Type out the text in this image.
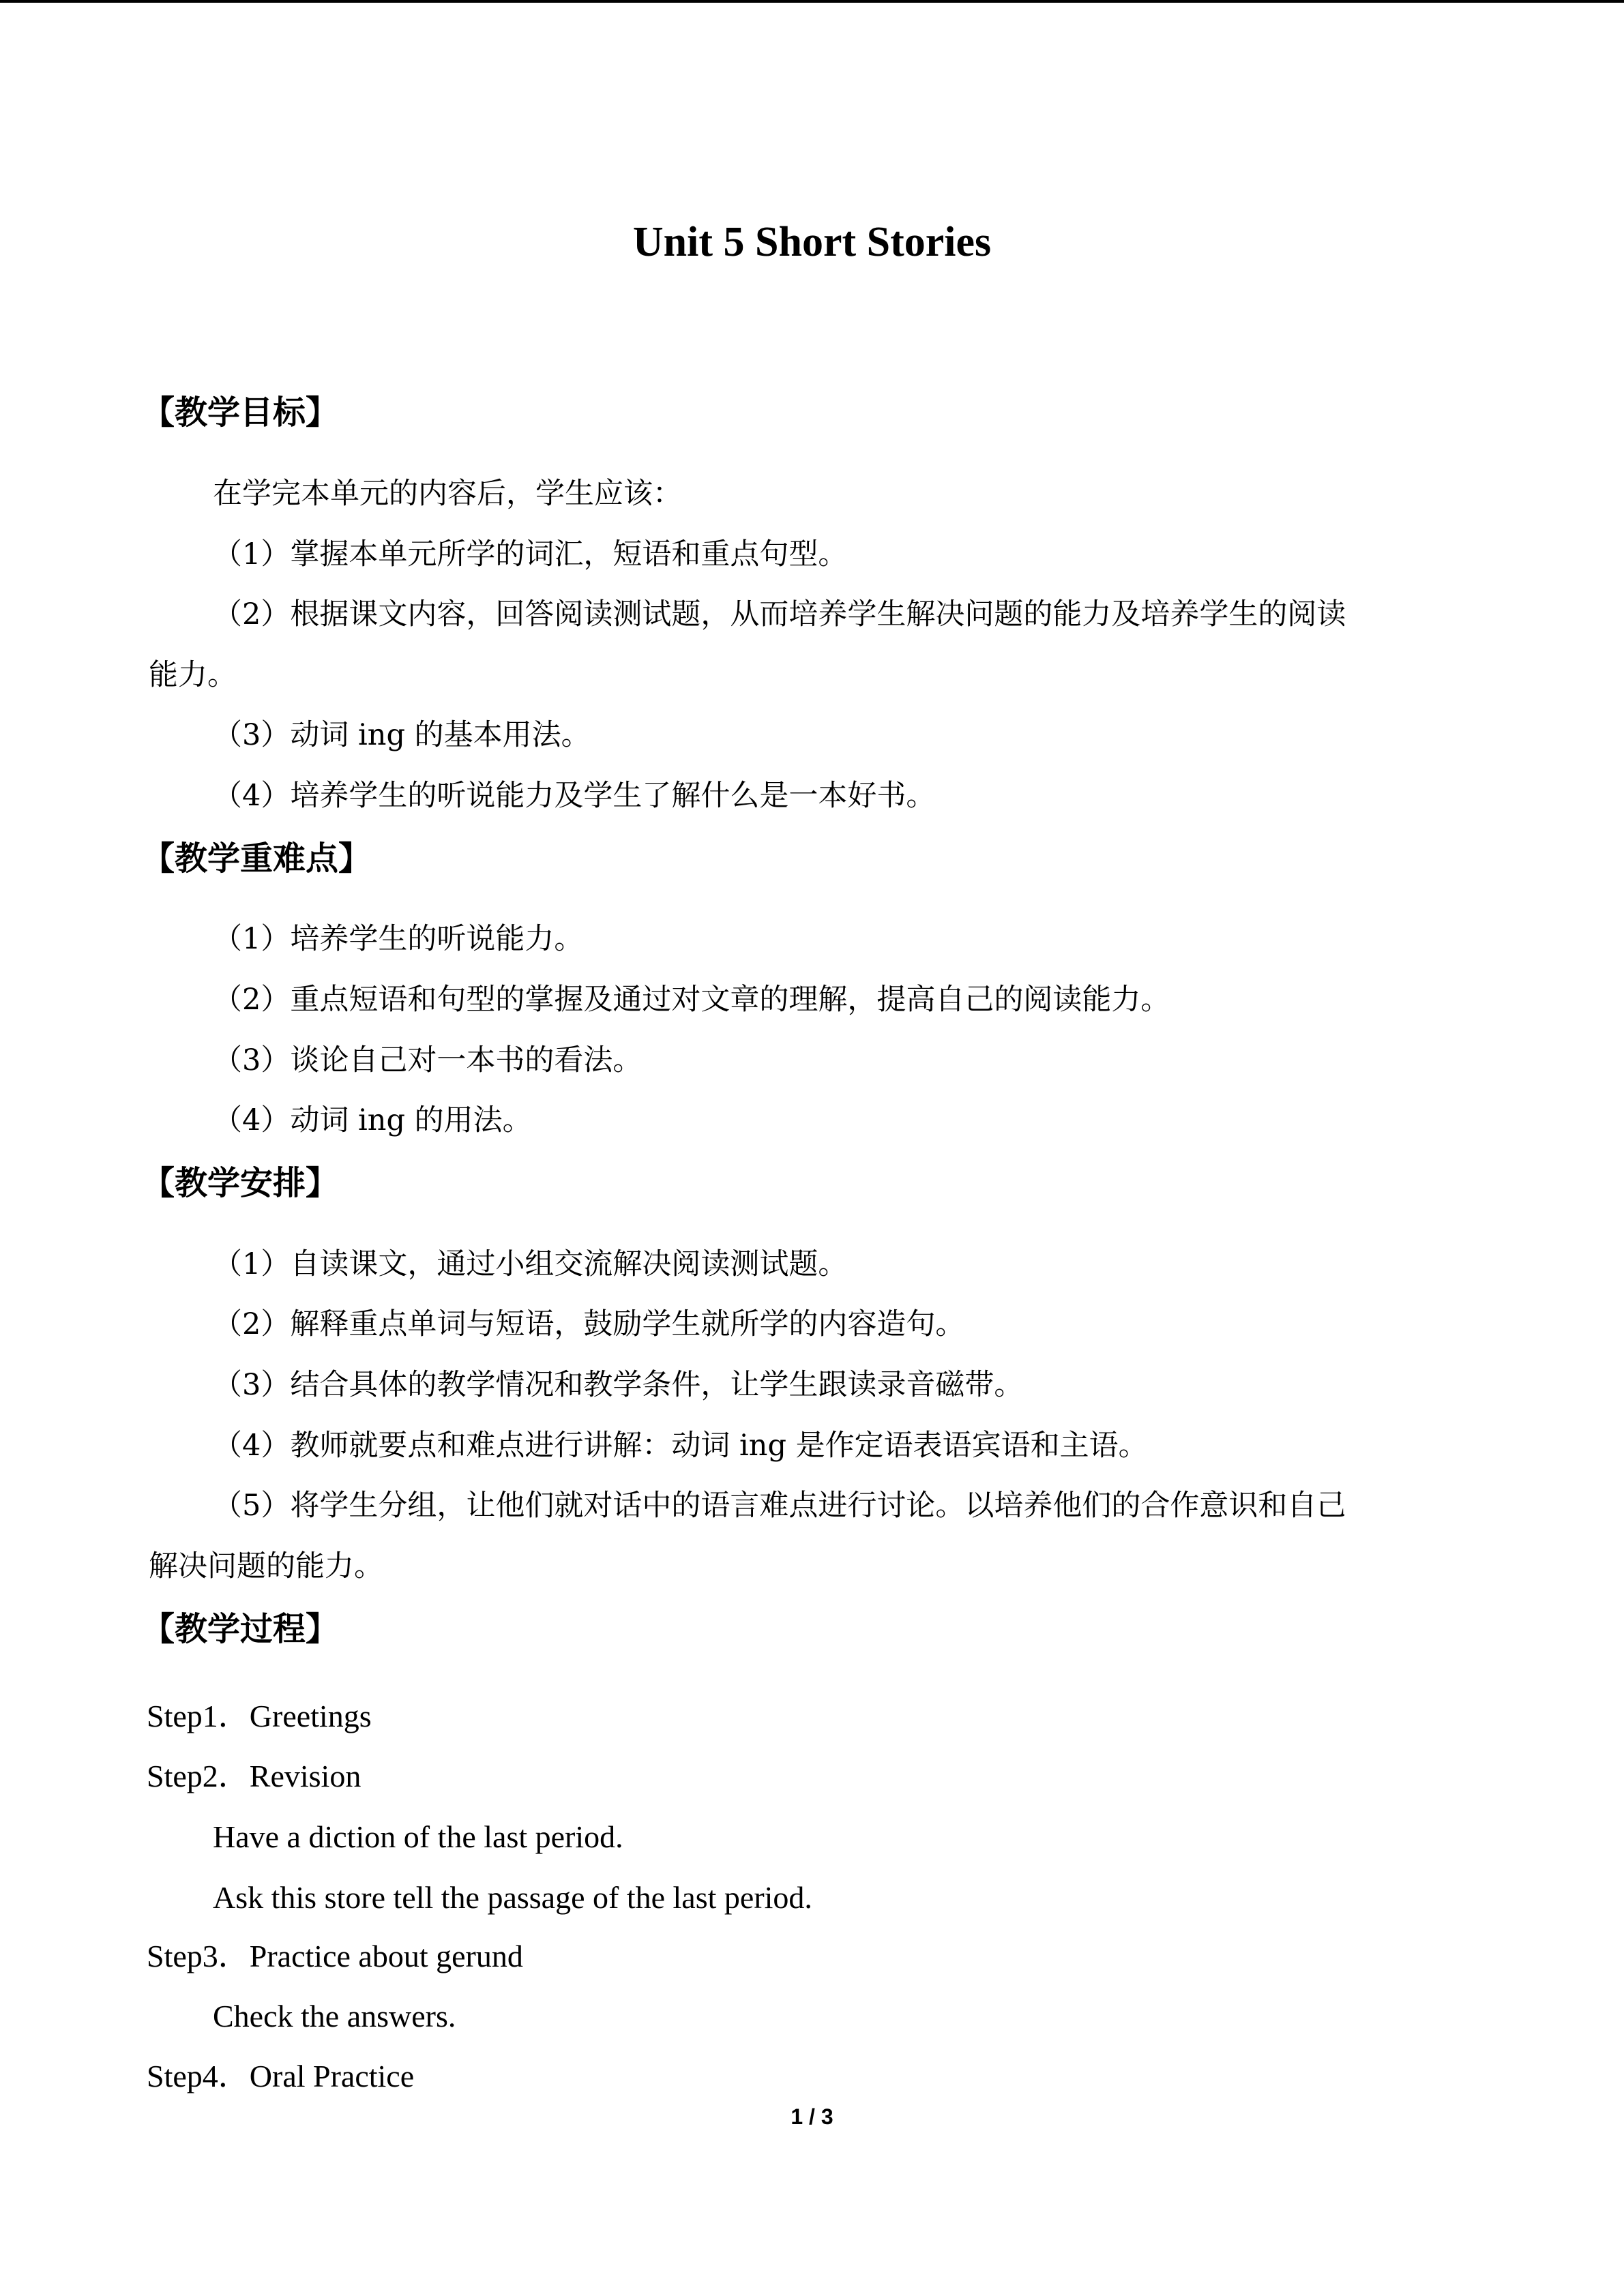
Unit 5 Short Stories
【教学目标】
在学完本单元的内容后，学生应该：
（1）掌握本单元所学的词汇，短语和重点句型。
（2）根据课文内容，回答阅读测试题，从而培养学生解决问题的能力及培养学生的阅读
能力。
（3）动词 ing 的基本用法。
（4）培养学生的听说能力及学生了解什么是一本好书。
【教学重难点】
（1）培养学生的听说能力。
（2）重点短语和句型的掌握及通过对文章的理解，提高自己的阅读能力。
（3）谈论自己对一本书的看法。
（4）动词 ing 的用法。
【教学安排】
（1）自读课文，通过小组交流解决阅读测试题。
（2）解释重点单词与短语，鼓励学生就所学的内容造句。
（3）结合具体的教学情况和教学条件，让学生跟读录音磁带。
（4）教师就要点和难点进行讲解：动词 ing 是作定语表语宾语和主语。
（5）将学生分组，让他们就对话中的语言难点进行讨论。以培养他们的合作意识和自己
解决问题的能力。
【教学过程】
Step1．Greetings
Step2．Revision
Have a diction of the last period.
Ask this store tell the passage of the last period.
Step3．Practice about gerund
Check the answers.
Step4．Oral Practice
1 / 3
